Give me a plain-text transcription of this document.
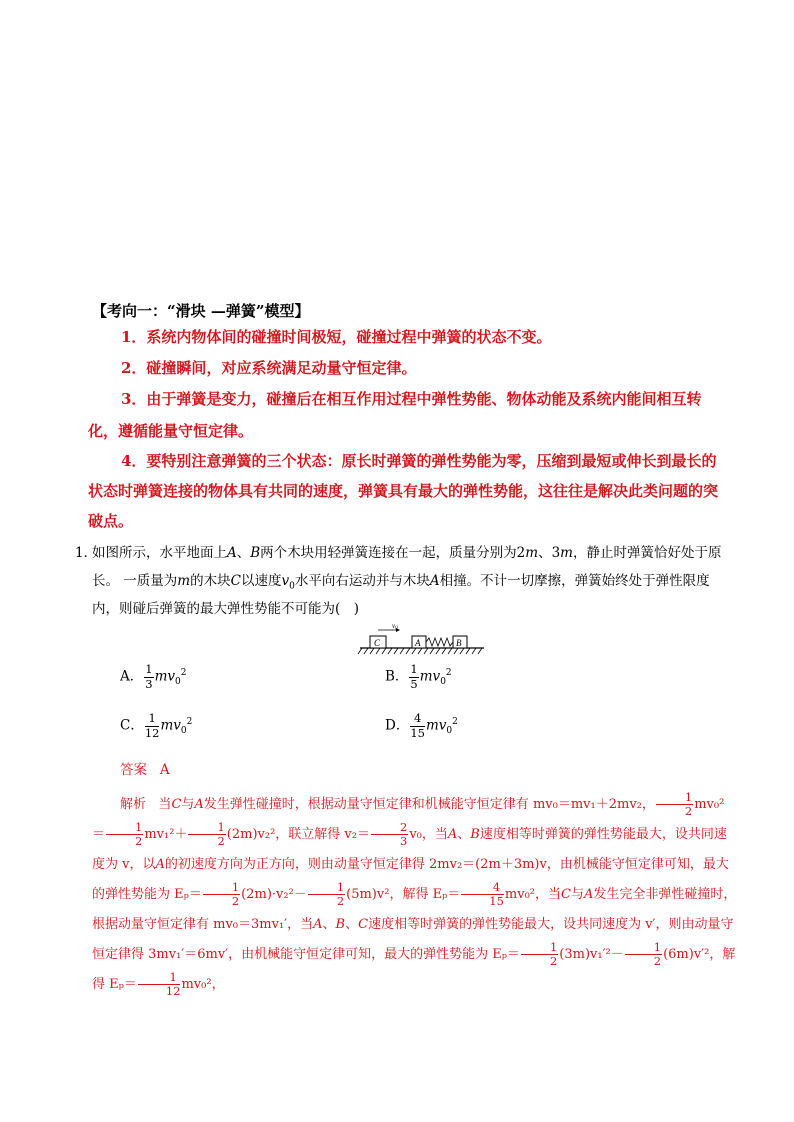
【考向一：“滑块 —弹簧”模型】
1．系统内物体间的碰撞时间极短，碰撞过程中弹簧的状态不变。
2．碰撞瞬间，对应系统满足动量守恒定律。
3．由于弹簧是变力，碰撞后在相互作用过程中弹性势能、物体动能及系统内能间相互转化，遵循能量守恒定律。
4．要特别注意弹簧的三个状态：原长时弹簧的弹性势能为零，压缩到最短或伸长到最长的状态时弹簧连接的物体具有共同的速度，弹簧具有最大的弹性势能，这往往是解决此类问题的突破点。
1．
如图所示，水平地面上A、B两个木块用轻弹簧连接在一起，质量分别为2m、3m，静止时弹簧恰好处于原长。 一质量为m的木块C以速度$v_0$水平向右运动并与木块A相撞。不计一切摩擦，弹簧始终处于弹性限度内，则碰后弹簧的最大弹性势能不可能为(　)
C
v0
A	B
A． $\frac{1}{3} mv_0^2$	B． $\frac{1}{5} mv_0^2$
C． $\frac{1}{12} mv_0^2$	D． $\frac{4}{15} mv_0^2$
答案 A
解析 当C与A发生弹性碰撞时，根据动量守恒定律和机械能守恒定律有 mv₀＝mv₁＋2mv₂， $\frac{1}{2} mv_0^2= \frac{1}{2} mv_1^2+ \frac{1}{2} (2m)v_2^2$，联立解得 $v_2= \frac{2}{3} v_0$，当A、B速度相等时弹簧的弹性势能最大，设共同速度为 v，以A的初速度方向为正方向，则由动量守恒定律得 2mv₂＝(2m＋3m)v，由机械能守恒定律可知，最大的弹性势能为 $E_p= \frac{1}{2} (2m)\cdot v_2^2- \frac{1}{2} (5m)v^2$，解得 $E_p= \frac{4}{15} mv_0^2$，当C与A发生完全非弹性碰撞时，根据动量守恒定律有 mv₀＝3mv₁′，当A、B、C速度相等时弹簧的弹性势能最大，设共同速度为 v′，则由动量守恒定律得 3mv₁′＝6mv′，由机械能守恒定律可知，最大的弹性势能为 $E_p= \frac{1}{2} (3m)v_1'^2- \frac{1}{2} (6m)v'^2$，解得 $E_p= \frac{1}{12} mv_0^2$，
